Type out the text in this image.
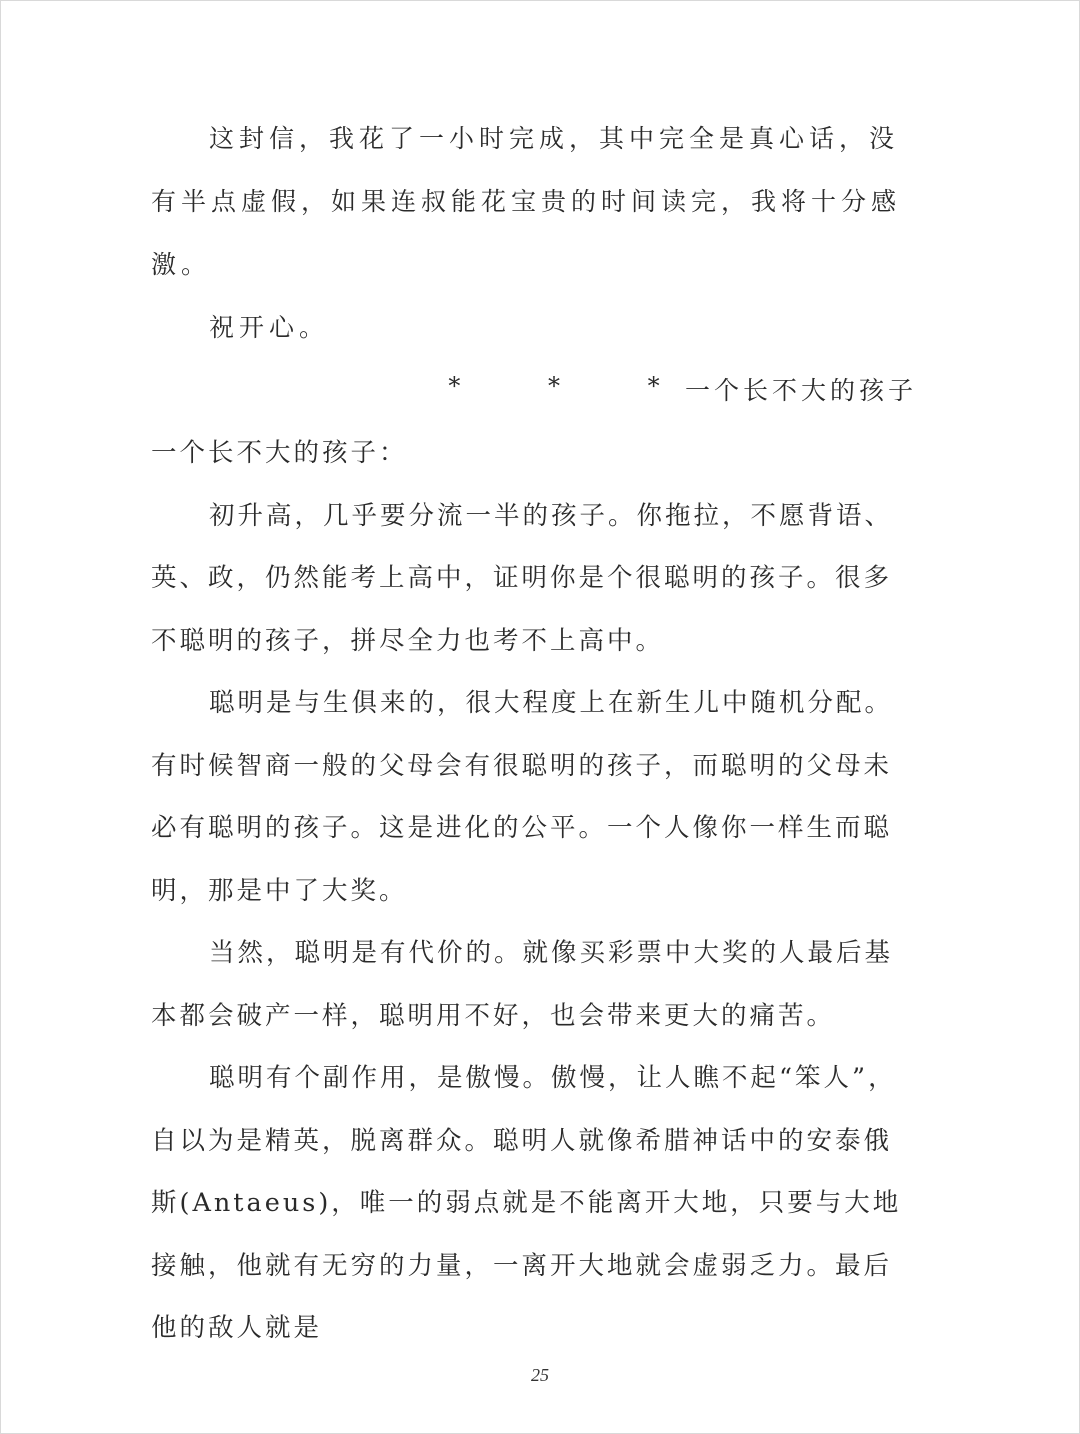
这封信，我花了一小时完成，其中完全是真心话，没有半点虚假，如果连叔能花宝贵的时间读完，我将十分感激。

祝开心。

一个长不大的孩子

* * *

一个长不大的孩子：

初升高，几乎要分流一半的孩子。你拖拉，不愿背语、英、政，仍然能考上高中，证明你是个很聪明的孩子。很多不聪明的孩子，拼尽全力也考不上高中。

聪明是与生俱来的，很大程度上在新生儿中随机分配。有时候智商一般的父母会有很聪明的孩子，而聪明的父母未必有聪明的孩子。这是进化的公平。一个人像你一样生而聪明，那是中了大奖。

当然，聪明是有代价的。就像买彩票中大奖的人最后基本都会破产一样，聪明用不好，也会带来更大的痛苦。

聪明有个副作用，是傲慢。傲慢，让人瞧不起“笨人”，自以为是精英，脱离群众。聪明人就像希腊神话中的安泰俄斯(Antaeus)，唯一的弱点就是不能离开大地，只要与大地接触，他就有无穷的力量，一离开大地就会虚弱乏力。最后他的敌人就是

25
